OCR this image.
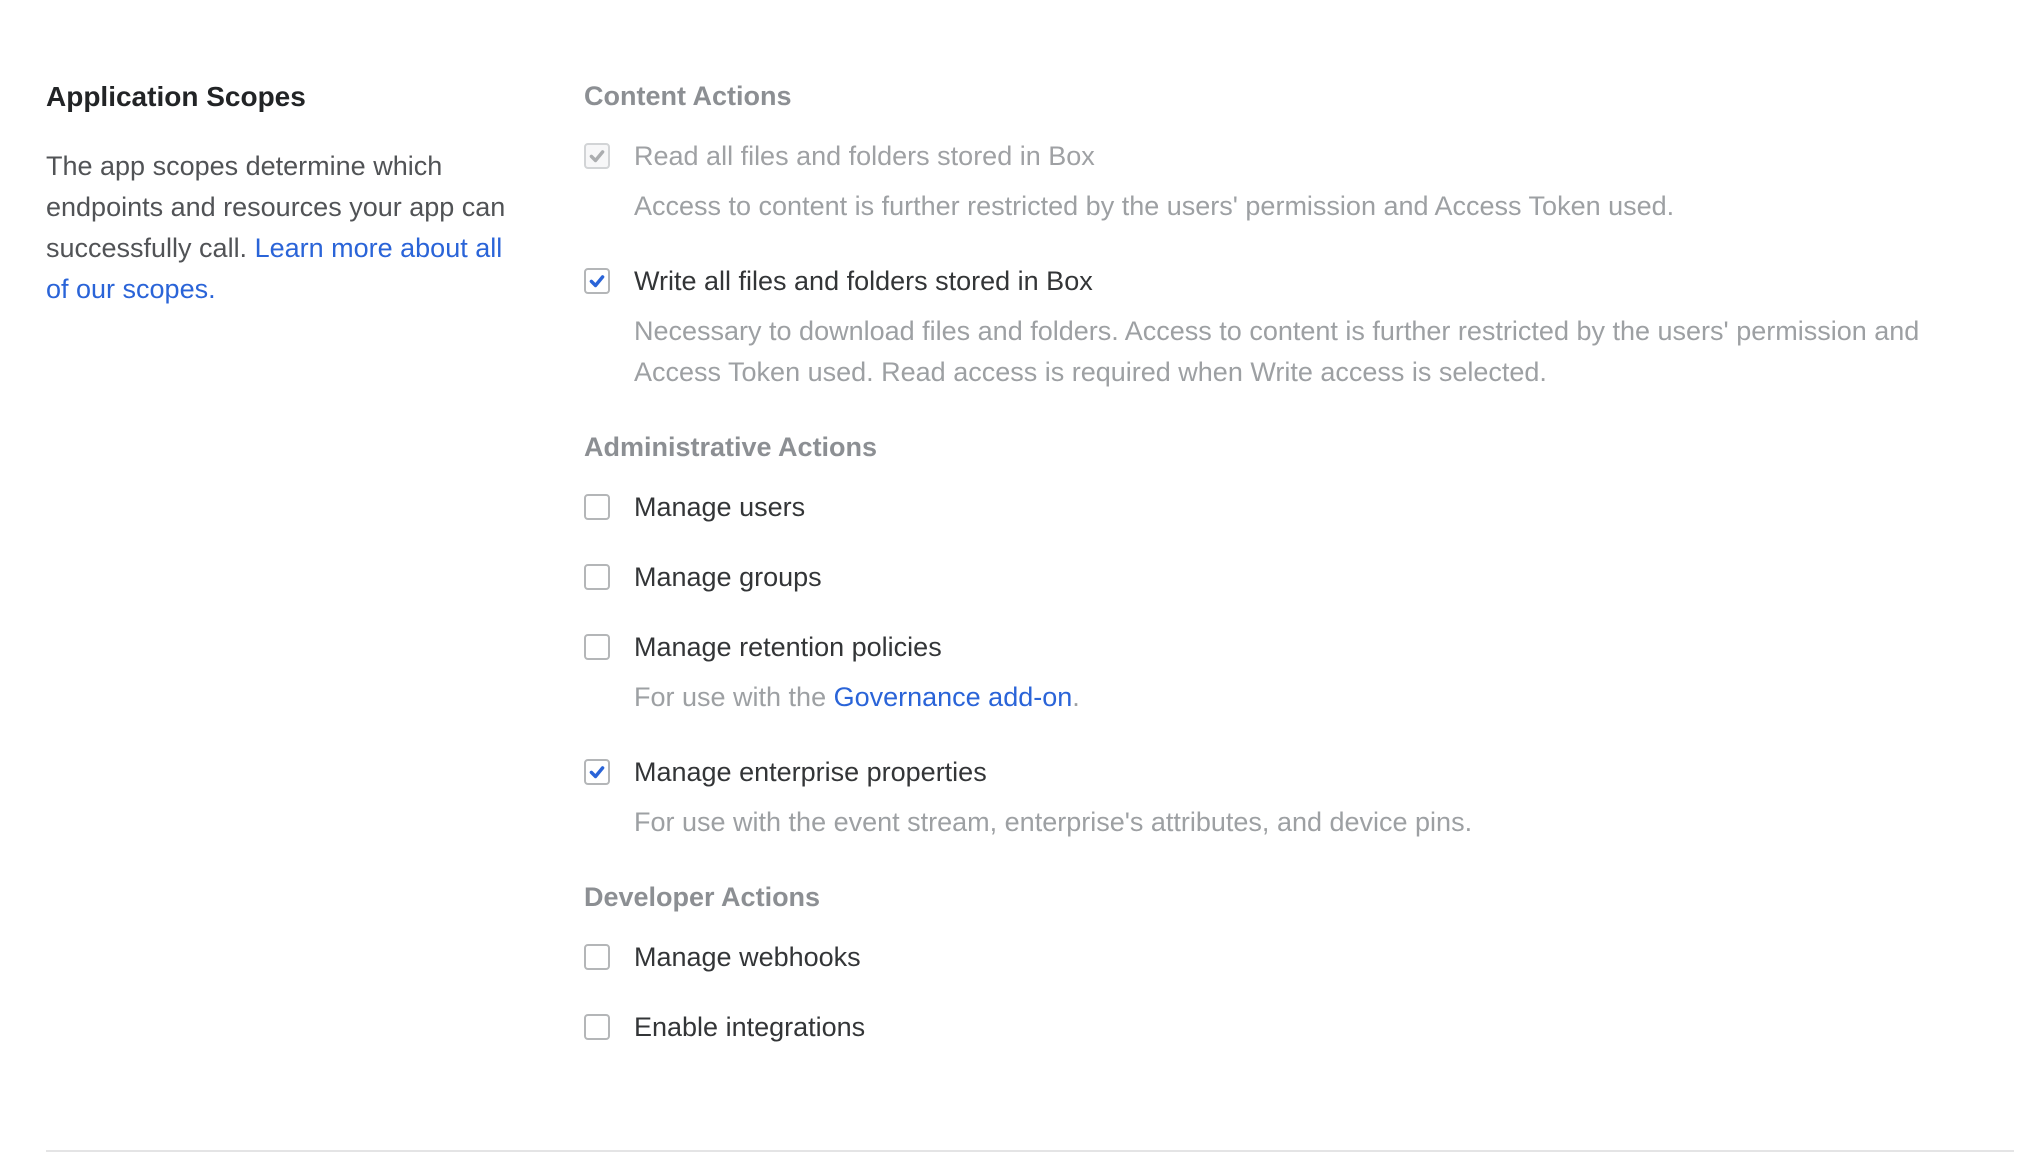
Application Scopes

The app scopes determine which endpoints and resources your app can successfully call. Learn more about all of our scopes.

Content Actions
Read all files and folders stored in Box

Access to content is further restricted by the users' permission and Access Token used.

Write all files and folders stored in Box

Necessary to download files and folders. Access to content is further restricted by the users' permission and Access Token used. Read access is required when Write access is selected.

Administrative Actions
Manage users
Manage groups
Manage retention policies

For use with the Governance add-on.

Manage enterprise properties

For use with the event stream, enterprise's attributes, and device pins.

Developer Actions
Manage webhooks
Enable integrations
